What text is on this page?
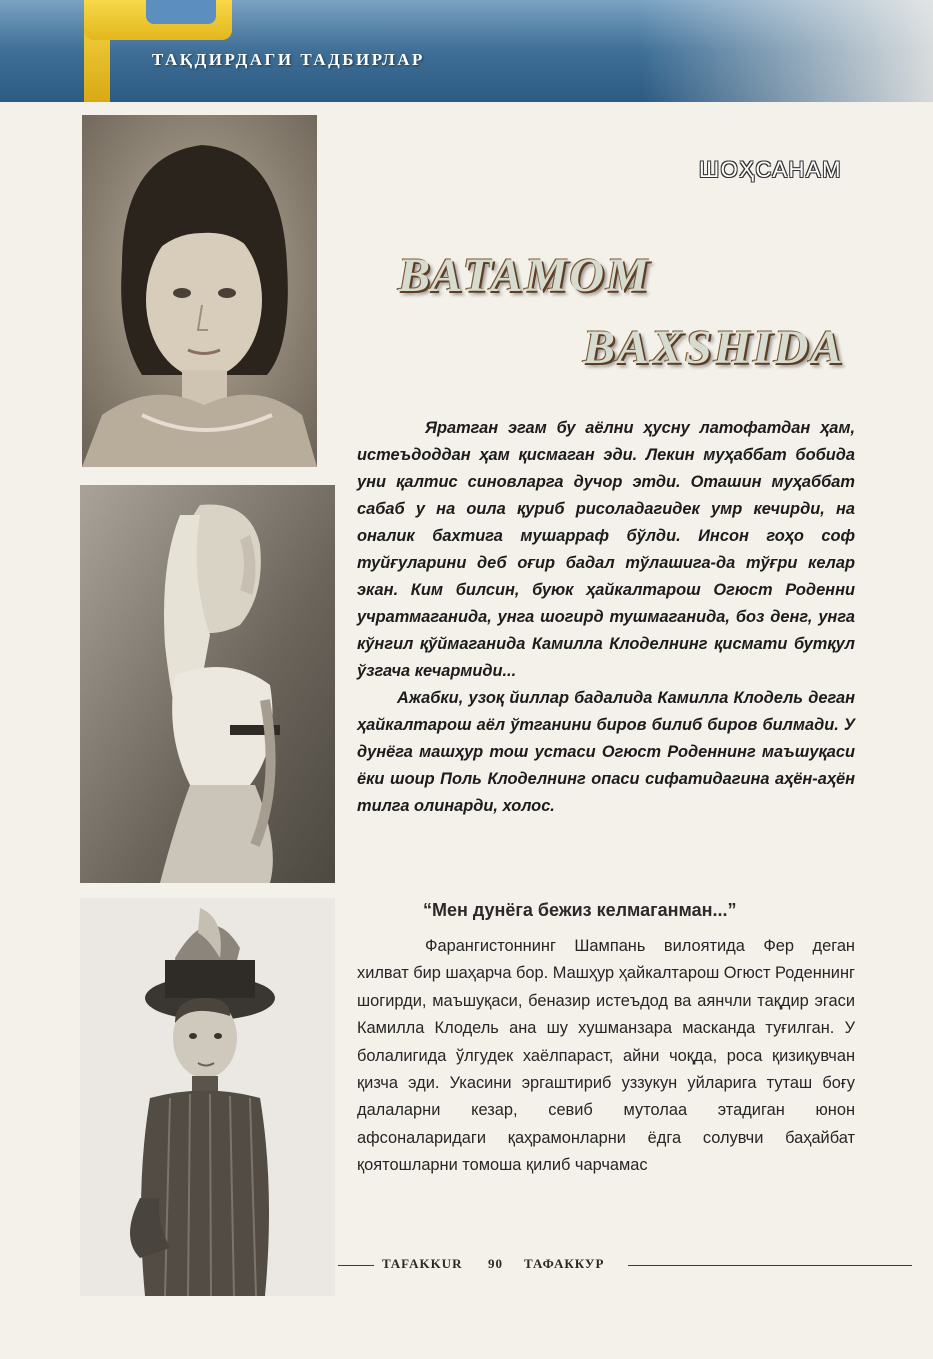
ТАҚДИРДАГИ ТАДБИРЛАР
ШОҲСАНАМ
ВАТАМОМ
BAXSHIDA

Яратган эгам бу аёлни ҳусну латофатдан ҳам, истеъдоддан ҳам қисмаган эди. Лекин муҳаббат бобида уни қалтис синовларга дучор этди. Оташин муҳаббат сабаб у на оила қуриб рисоладагидек умр кечирди, на оналик бахтига мушарраф бўлди. Инсон гоҳо соф туйғуларини деб оғир бадал тўлашига-да тўғри келар экан. Ким билсин, буюк ҳайкалтарош Огюст Роденни учратмаганида, унга шогирд тушмаганида, боз денг, унга кўнгил қўймаганида Камилла Клоделнинг қисмати бутқул ўзгача кечармиди...

Ажабки, узоқ йиллар бадалида Камилла Клодель деган ҳайкалтарош аёл ўтганини биров билиб биров билмади. У дунёга машҳур тош устаси Огюст Роденнинг маъшуқаси ёки шоир Поль Клоделнинг опаси сифатидагина аҳён-аҳён тилга олинарди, холос.

“Мен дунёга бежиз келмаганман...”

Фарангистоннинг Шампань вилоятида Фер деган хилват бир шаҳарча бор. Машҳур ҳайкалтарош Огюст Роденнинг шогирди, маъшуқаси, беназир истеъдод ва аянчли тақдир эгаси Камилла Клодель ана шу хушманзара масканда туғилган. У болалигида ўлгудек хаёлпараст, айни чоқда, роса қизиқувчан қизча эди. Укасини эргаштириб уззукун уйларига туташ боғу далаларни кезар, севиб мутолаа этадиган юнон афсоналаридаги қаҳрамонларни ёдга солувчи баҳайбат қоятошларни томоша қилиб чарчамас

TAFAKKUR 90 ТАФАККУР
